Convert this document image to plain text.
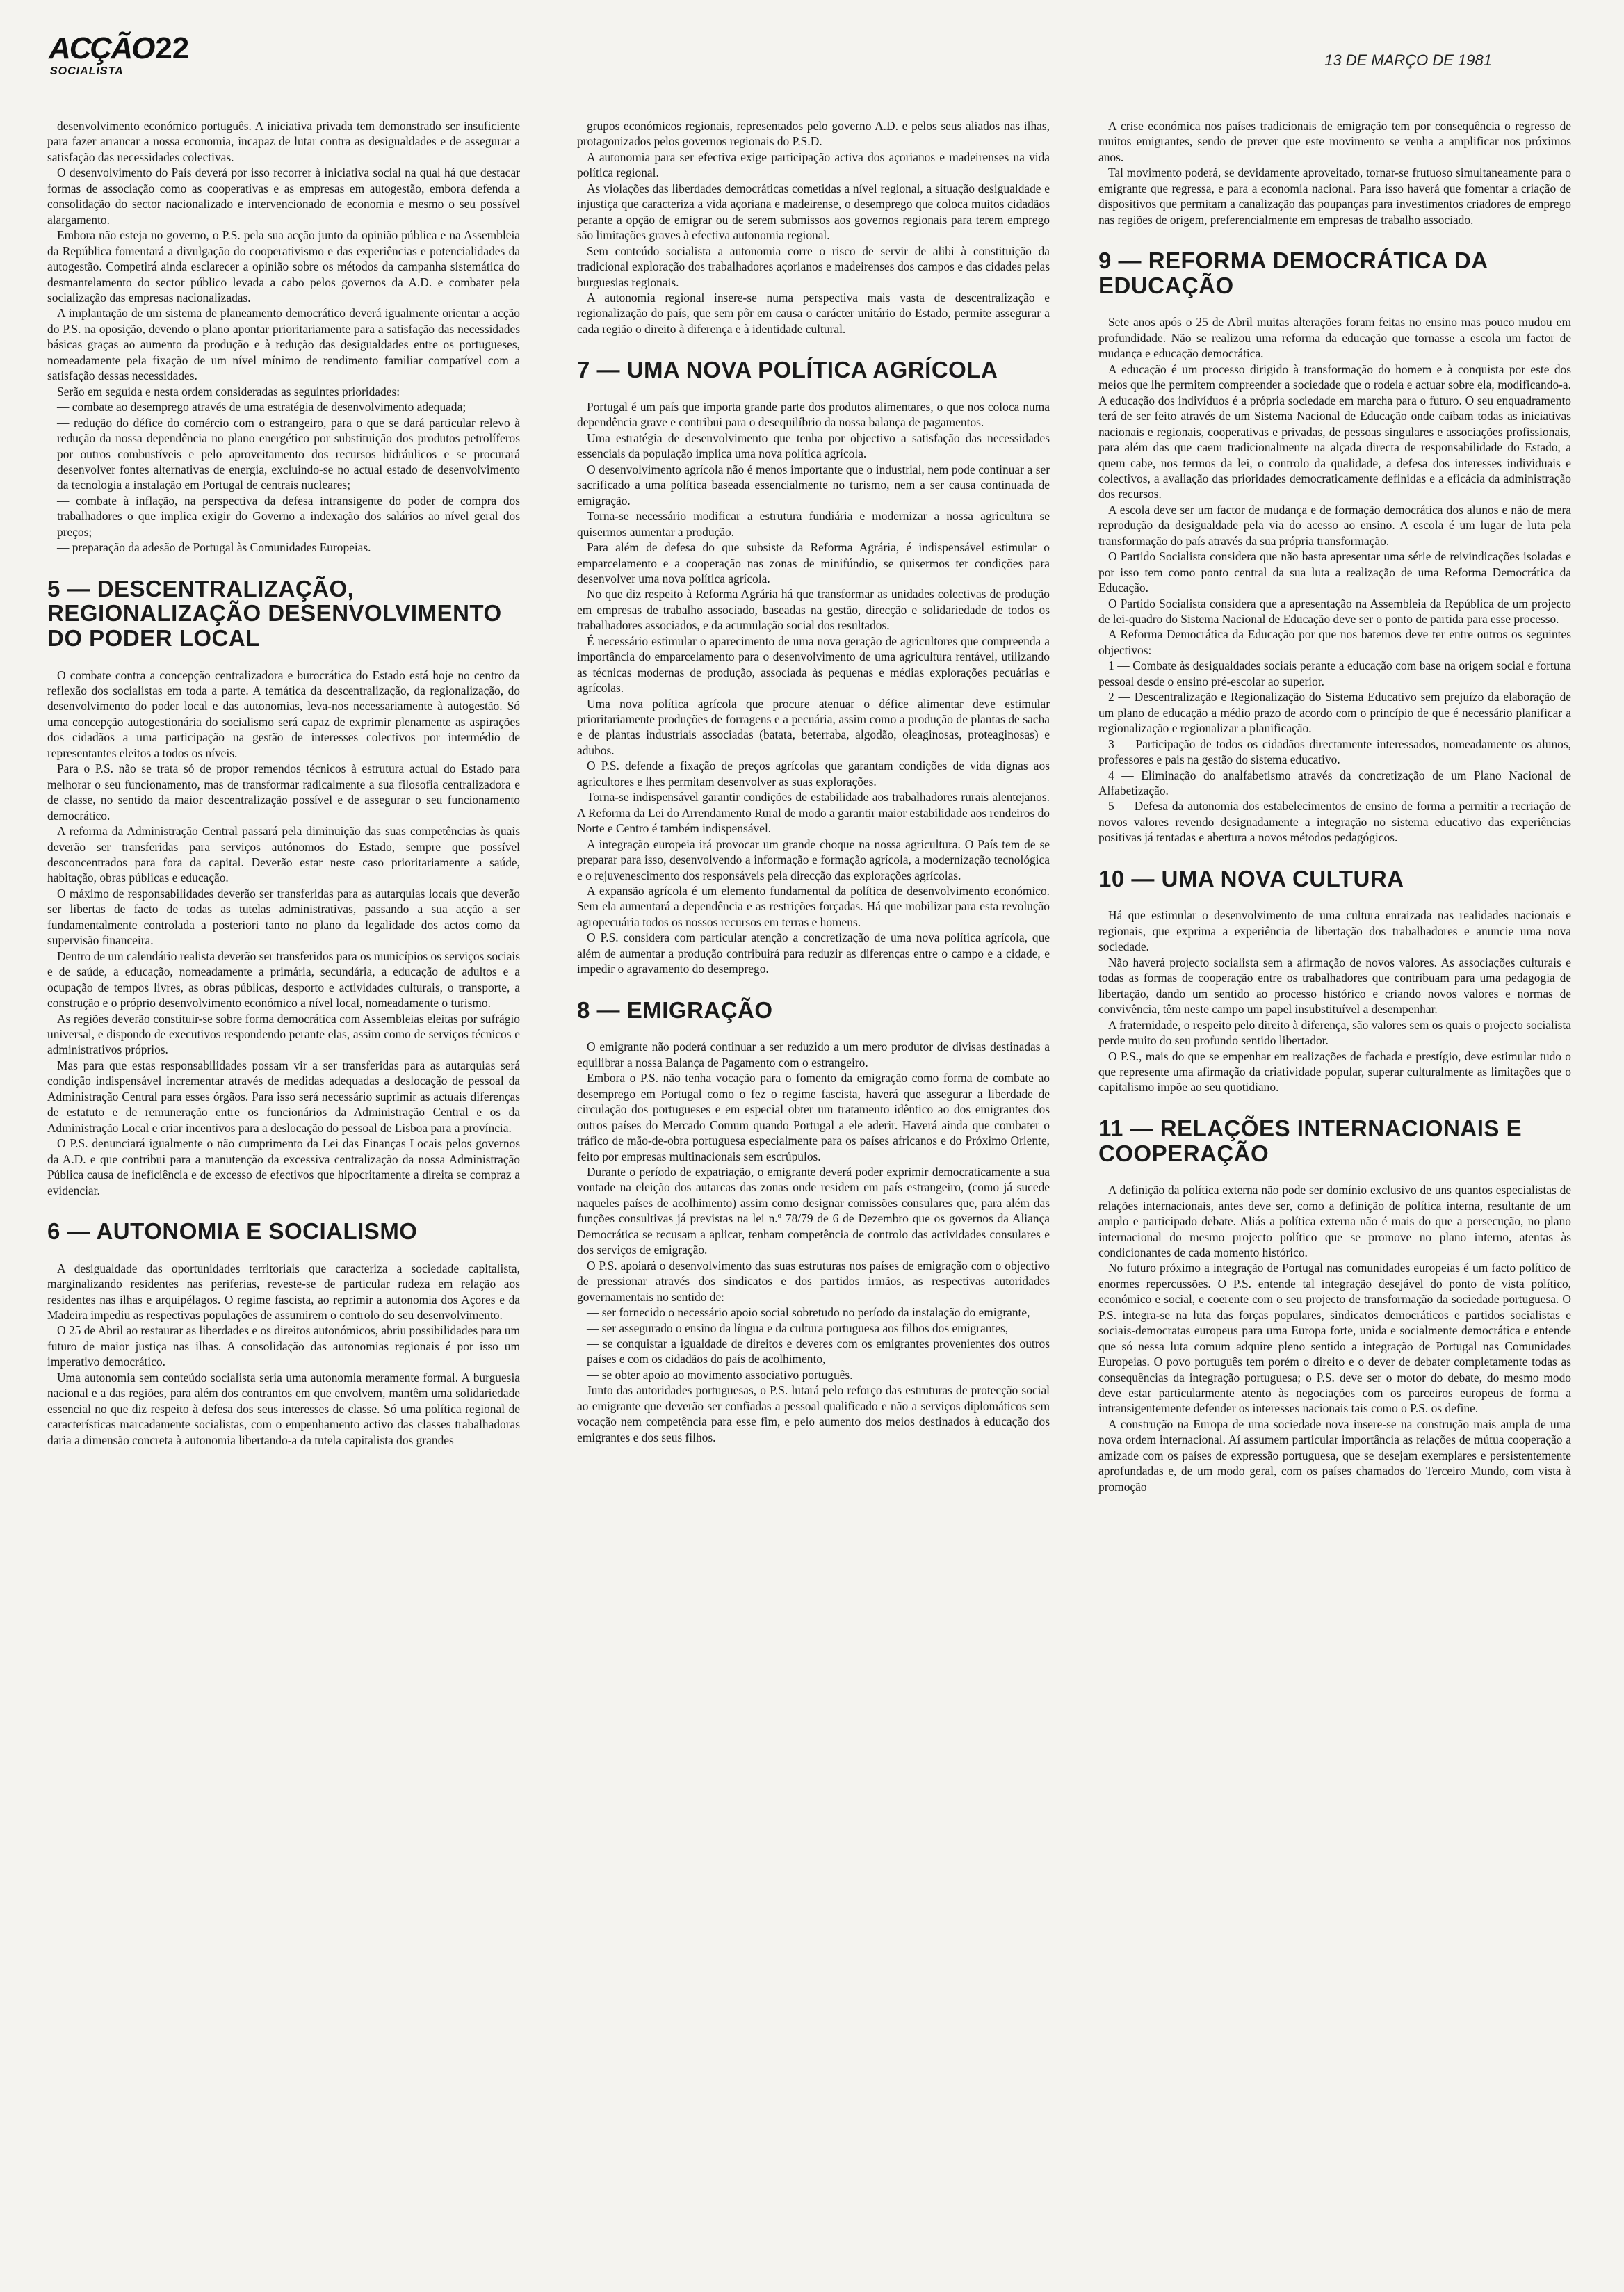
ACÇÃO 22
SOCIALISTA
13 DE MARÇO DE 1981

desenvolvimento económico português. A iniciativa privada tem demonstrado ser insuficiente para fazer arrancar a nossa economia, incapaz de lutar contra as desigualdades e de assegurar a satisfação das necessidades colectivas.

O desenvolvimento do País deverá por isso recorrer à iniciativa social na qual há que destacar formas de associação como as cooperativas e as empresas em autogestão, embora defenda a consolidação do sector nacionalizado e intervencionado de economia e mesmo o seu possível alargamento.

Embora não esteja no governo, o P.S. pela sua acção junto da opinião pública e na Assembleia da República fomentará a divulgação do cooperativismo e das experiências e potencialidades da autogestão. Competirá ainda esclarecer a opinião sobre os métodos da campanha sistemática do desmantelamento do sector público levada a cabo pelos governos da A.D. e combater pela socialização das empresas nacionalizadas.

A implantação de um sistema de planeamento democrático deverá igualmente orientar a acção do P.S. na oposição, devendo o plano apontar prioritariamente para a satisfação das necessidades básicas graças ao aumento da produção e à redução das desigualdades entre os portugueses, nomeadamente pela fixação de um nível mínimo de rendimento familiar compatível com a satisfação dessas necessidades.

Serão em seguida e nesta ordem consideradas as seguintes prioridades:

— combate ao desemprego através de uma estratégia de desenvolvimento adequada;

— redução do défice do comércio com o estrangeiro, para o que se dará particular relevo à redução da nossa dependência no plano energético por substituição dos produtos petrolíferos por outros combustíveis e pelo aproveitamento dos recursos hidráulicos e se procurará desenvolver fontes alternativas de energia, excluindo-se no actual estado de desenvolvimento da tecnologia a instalação em Portugal de centrais nucleares;

— combate à inflação, na perspectiva da defesa intransigente do poder de compra dos trabalhadores o que implica exigir do Governo a indexação dos salários ao nível geral dos preços;

— preparação da adesão de Portugal às Comunidades Europeias.

5 — DESCENTRALIZAÇÃO, REGIONALIZAÇÃO DESENVOLVIMENTO DO PODER LOCAL

O combate contra a concepção centralizadora e burocrática do Estado está hoje no centro da reflexão dos socialistas em toda a parte. A temática da descentralização, da regionalização, do desenvolvimento do poder local e das autonomias, leva-nos necessariamente à autogestão. Só uma concepção autogestionária do socialismo será capaz de exprimir plenamente as aspirações dos cidadãos a uma participação na gestão de interesses colectivos por intermédio de representantes eleitos a todos os níveis.

Para o P.S. não se trata só de propor remendos técnicos à estrutura actual do Estado para melhorar o seu funcionamento, mas de transformar radicalmente a sua filosofia centralizadora e de classe, no sentido da maior descentralização possível e de assegurar o seu funcionamento democrático.

A reforma da Administração Central passará pela diminuição das suas competências às quais deverão ser transferidas para serviços autónomos do Estado, sempre que possível desconcentrados para fora da capital. Deverão estar neste caso prioritariamente a saúde, habitação, obras públicas e educação.

O máximo de responsabilidades deverão ser transferidas para as autarquias locais que deverão ser libertas de facto de todas as tutelas administrativas, passando a sua acção a ser fundamentalmente controlada a posteriori tanto no plano da legalidade dos actos como da supervisão financeira.

Dentro de um calendário realista deverão ser transferidos para os municípios os serviços sociais e de saúde, a educação, nomeadamente a primária, secundária, a educação de adultos e a ocupação de tempos livres, as obras públicas, desporto e actividades culturais, o transporte, a construção e o próprio desenvolvimento económico a nível local, nomeadamente o turismo.

As regiões deverão constituir-se sobre forma democrática com Assembleias eleitas por sufrágio universal, e dispondo de executivos respondendo perante elas, assim como de serviços técnicos e administrativos próprios.

Mas para que estas responsabilidades possam vir a ser transferidas para as autarquias será condição indispensável incrementar através de medidas adequadas a deslocação de pessoal da Administração Central para esses órgãos. Para isso será necessário suprimir as actuais diferenças de estatuto e de remuneração entre os funcionários da Administração Central e os da Administração Local e criar incentivos para a deslocação do pessoal de Lisboa para a província.

O P.S. denunciará igualmente o não cumprimento da Lei das Finanças Locais pelos governos da A.D. e que contribui para a manutenção da excessiva centralização da nossa Administração Pública causa de ineficiência e de excesso de efectivos que hipocritamente a direita se compraz a evidenciar.

6 — AUTONOMIA E SOCIALISMO

A desigualdade das oportunidades territoriais que caracteriza a sociedade capitalista, marginalizando residentes nas periferias, reveste-se de particular rudeza em relação aos residentes nas ilhas e arquipélagos. O regime fascista, ao reprimir a autonomia dos Açores e da Madeira impediu as respectivas populações de assumirem o controlo do seu desenvolvimento.

O 25 de Abril ao restaurar as liberdades e os direitos autonómicos, abriu possibilidades para um futuro de maior justiça nas ilhas. A consolidação das autonomias regionais é por isso um imperativo democrático.

Uma autonomia sem conteúdo socialista seria uma autonomia meramente formal. A burguesia nacional e a das regiões, para além dos contrantos em que envolvem, mantêm uma solidariedade essencial no que diz respeito à defesa dos seus interesses de classe. Só uma política regional de características marcadamente socialistas, com o empenhamento activo das classes trabalhadoras daria a dimensão concreta à autonomia libertando-a da tutela capitalista dos grandes

grupos económicos regionais, representados pelo governo A.D. e pelos seus aliados nas ilhas, protagonizados pelos governos regionais do P.S.D.

A autonomia para ser efectiva exige participação activa dos açorianos e madeirenses na vida política regional.

As violações das liberdades democráticas cometidas a nível regional, a situação desigualdade e injustiça que caracteriza a vida açoriana e madeirense, o desemprego que coloca muitos cidadãos perante a opção de emigrar ou de serem submissos aos governos regionais para terem emprego são limitações graves à efectiva autonomia regional.

Sem conteúdo socialista a autonomia corre o risco de servir de alibi à constituição da tradicional exploração dos trabalhadores açorianos e madeirenses dos campos e das cidades pelas burguesias regionais.

A autonomia regional insere-se numa perspectiva mais vasta de descentralização e regionalização do país, que sem pôr em causa o carácter unitário do Estado, permite assegurar a cada região o direito à diferença e à identidade cultural.

7 — UMA NOVA POLÍTICA AGRÍCOLA

Portugal é um país que importa grande parte dos produtos alimentares, o que nos coloca numa dependência grave e contribui para o desequilíbrio da nossa balança de pagamentos.

Uma estratégia de desenvolvimento que tenha por objectivo a satisfação das necessidades essenciais da população implica uma nova política agrícola.

O desenvolvimento agrícola não é menos importante que o industrial, nem pode continuar a ser sacrificado a uma política baseada essencialmente no turismo, nem a ser causa continuada de emigração.

Torna-se necessário modificar a estrutura fundiária e modernizar a nossa agricultura se quisermos aumentar a produção.

Para além de defesa do que subsiste da Reforma Agrária, é indispensável estimular o emparcelamento e a cooperação nas zonas de minifúndio, se quisermos ter condições para desenvolver uma nova política agrícola.

No que diz respeito à Reforma Agrária há que transformar as unidades colectivas de produção em empresas de trabalho associado, baseadas na gestão, direcção e solidariedade de todos os trabalhadores associados, e da acumulação social dos resultados.

É necessário estimular o aparecimento de uma nova geração de agricultores que compreenda a importância do emparcelamento para o desenvolvimento de uma agricultura rentável, utilizando as técnicas modernas de produção, associada às pequenas e médias explorações pecuárias e agrícolas.

Uma nova política agrícola que procure atenuar o défice alimentar deve estimular prioritariamente produções de forragens e a pecuária, assim como a produção de plantas de sacha e de plantas industriais associadas (batata, beterraba, algodão, oleaginosas, proteaginosas) e adubos.

O P.S. defende a fixação de preços agrícolas que garantam condições de vida dignas aos agricultores e lhes permitam desenvolver as suas explorações.

Torna-se indispensável garantir condições de estabilidade aos trabalhadores rurais alentejanos. A Reforma da Lei do Arrendamento Rural de modo a garantir maior estabilidade aos rendeiros do Norte e Centro é também indispensável.

A integração europeia irá provocar um grande choque na nossa agricultura. O País tem de se preparar para isso, desenvolvendo a informação e formação agrícola, a modernização tecnológica e o rejuvenescimento dos responsáveis pela direcção das explorações agrícolas.

A expansão agrícola é um elemento fundamental da política de desenvolvimento económico. Sem ela aumentará a dependência e as restrições forçadas. Há que mobilizar para esta revolução agropecuária todos os nossos recursos em terras e homens.

O P.S. considera com particular atenção a concretização de uma nova política agrícola, que além de aumentar a produção contribuirá para reduzir as diferenças entre o campo e a cidade, e impedir o agravamento do desemprego.

8 — EMIGRAÇÃO

O emigrante não poderá continuar a ser reduzido a um mero produtor de divisas destinadas a equilibrar a nossa Balança de Pagamento com o estrangeiro.

Embora o P.S. não tenha vocação para o fomento da emigração como forma de combate ao desemprego em Portugal como o fez o regime fascista, haverá que assegurar a liberdade de circulação dos portugueses e em especial obter um tratamento idêntico ao dos emigrantes dos outros países do Mercado Comum quando Portugal a ele aderir. Haverá ainda que combater o tráfico de mão-de-obra portuguesa especialmente para os países africanos e do Próximo Oriente, feito por empresas multinacionais sem escrúpulos.

Durante o período de expatriação, o emigrante deverá poder exprimir democraticamente a sua vontade na eleição dos autarcas das zonas onde residem em país estrangeiro, (como já sucede naqueles países de acolhimento) assim como designar comissões consulares que, para além das funções consultivas já previstas na lei n.º 78/79 de 6 de Dezembro que os governos da Aliança Democrática se recusam a aplicar, tenham competência de controlo das actividades consulares e dos serviços de emigração.

O P.S. apoiará o desenvolvimento das suas estruturas nos países de emigração com o objectivo de pressionar através dos sindicatos e dos partidos irmãos, as respectivas autoridades governamentais no sentido de:

— ser fornecido o necessário apoio social sobretudo no período da instalação do emigrante,

— ser assegurado o ensino da língua e da cultura portuguesa aos filhos dos emigrantes,

— se conquistar a igualdade de direitos e deveres com os emigrantes provenientes dos outros países e com os cidadãos do país de acolhimento,

— se obter apoio ao movimento associativo português.

Junto das autoridades portuguesas, o P.S. lutará pelo reforço das estruturas de protecção social ao emigrante que deverão ser confiadas a pessoal qualificado e não a serviços diplomáticos sem vocação nem competência para esse fim, e pelo aumento dos meios destinados à educação dos emigrantes e dos seus filhos.

A crise económica nos países tradicionais de emigração tem por consequência o regresso de muitos emigrantes, sendo de prever que este movimento se venha a amplificar nos próximos anos.

Tal movimento poderá, se devidamente aproveitado, tornar-se frutuoso simultaneamente para o emigrante que regressa, e para a economia nacional. Para isso haverá que fomentar a criação de dispositivos que permitam a canalização das poupanças para investimentos criadores de emprego nas regiões de origem, preferencialmente em empresas de trabalho associado.

9 — REFORMA DEMOCRÁTICA DA EDUCAÇÃO

Sete anos após o 25 de Abril muitas alterações foram feitas no ensino mas pouco mudou em profundidade. Não se realizou uma reforma da educação que tornasse a escola um factor de mudança e educação democrática.

A educação é um processo dirigido à transformação do homem e à conquista por este dos meios que lhe permitem compreender a sociedade que o rodeia e actuar sobre ela, modificando-a. A educação dos indivíduos é a própria sociedade em marcha para o futuro. O seu enquadramento terá de ser feito através de um Sistema Nacional de Educação onde caibam todas as iniciativas nacionais e regionais, cooperativas e privadas, de pessoas singulares e associações profissionais, para além das que caem tradicionalmente na alçada directa de responsabilidade do Estado, a quem cabe, nos termos da lei, o controlo da qualidade, a defesa dos interesses individuais e colectivos, a avaliação das prioridades democraticamente definidas e a eficácia da administração dos recursos.

A escola deve ser um factor de mudança e de formação democrática dos alunos e não de mera reprodução da desigualdade pela via do acesso ao ensino. A escola é um lugar de luta pela transformação do país através da sua própria transformação.

O Partido Socialista considera que não basta apresentar uma série de reivindicações isoladas e por isso tem como ponto central da sua luta a realização de uma Reforma Democrática da Educação.

O Partido Socialista considera que a apresentação na Assembleia da República de um projecto de lei-quadro do Sistema Nacional de Educação deve ser o ponto de partida para esse processo.

A Reforma Democrática da Educação por que nos batemos deve ter entre outros os seguintes objectivos:

1 — Combate às desigualdades sociais perante a educação com base na origem social e fortuna pessoal desde o ensino pré-escolar ao superior.

2 — Descentralização e Regionalização do Sistema Educativo sem prejuízo da elaboração de um plano de educação a médio prazo de acordo com o princípio de que é necessário planificar a regionalização e regionalizar a planificação.

3 — Participação de todos os cidadãos directamente interessados, nomeadamente os alunos, professores e pais na gestão do sistema educativo.

4 — Eliminação do analfabetismo através da concretização de um Plano Nacional de Alfabetização.

5 — Defesa da autonomia dos estabelecimentos de ensino de forma a permitir a recriação de novos valores revendo designadamente a integração no sistema educativo das experiências positivas já tentadas e abertura a novos métodos pedagógicos.

10 — UMA NOVA CULTURA

Há que estimular o desenvolvimento de uma cultura enraizada nas realidades nacionais e regionais, que exprima a experiência de libertação dos trabalhadores e anuncie uma nova sociedade.

Não haverá projecto socialista sem a afirmação de novos valores. As associações culturais e todas as formas de cooperação entre os trabalhadores que contribuam para uma pedagogia de libertação, dando um sentido ao processo histórico e criando novos valores e normas de convivência, têm neste campo um papel insubstituível a desempenhar.

A fraternidade, o respeito pelo direito à diferença, são valores sem os quais o projecto socialista perde muito do seu profundo sentido libertador.

O P.S., mais do que se empenhar em realizações de fachada e prestígio, deve estimular tudo o que represente uma afirmação da criatividade popular, superar culturalmente as limitações que o capitalismo impõe ao seu quotidiano.

11 — RELAÇÕES INTERNACIONAIS E COOPERAÇÃO

A definição da política externa não pode ser domínio exclusivo de uns quantos especialistas de relações internacionais, antes deve ser, como a definição de política interna, resultante de um amplo e participado debate. Aliás a política externa não é mais do que a persecução, no plano internacional do mesmo projecto político que se promove no plano interno, atentas às condicionantes de cada momento histórico.

No futuro próximo a integração de Portugal nas comunidades europeias é um facto político de enormes repercussões. O P.S. entende tal integração desejável do ponto de vista político, económico e social, e coerente com o seu projecto de transformação da sociedade portuguesa. O P.S. integra-se na luta das forças populares, sindicatos democráticos e partidos socialistas e sociais-democratas europeus para uma Europa forte, unida e socialmente democrática e entende que só nessa luta comum adquire pleno sentido a integração de Portugal nas Comunidades Europeias. O povo português tem porém o direito e o dever de debater completamente todas as consequências da integração portuguesa; o P.S. deve ser o motor do debate, do mesmo modo deve estar particularmente atento às negociações com os parceiros europeus de forma a intransigentemente defender os interesses nacionais tais como o P.S. os define.

A construção na Europa de uma sociedade nova insere-se na construção mais ampla de uma nova ordem internacional. Aí assumem particular importância as relações de mútua cooperação a amizade com os países de expressão portuguesa, que se desejam exemplares e persistentemente aprofundadas e, de um modo geral, com os países chamados do Terceiro Mundo, com vista à promoção
